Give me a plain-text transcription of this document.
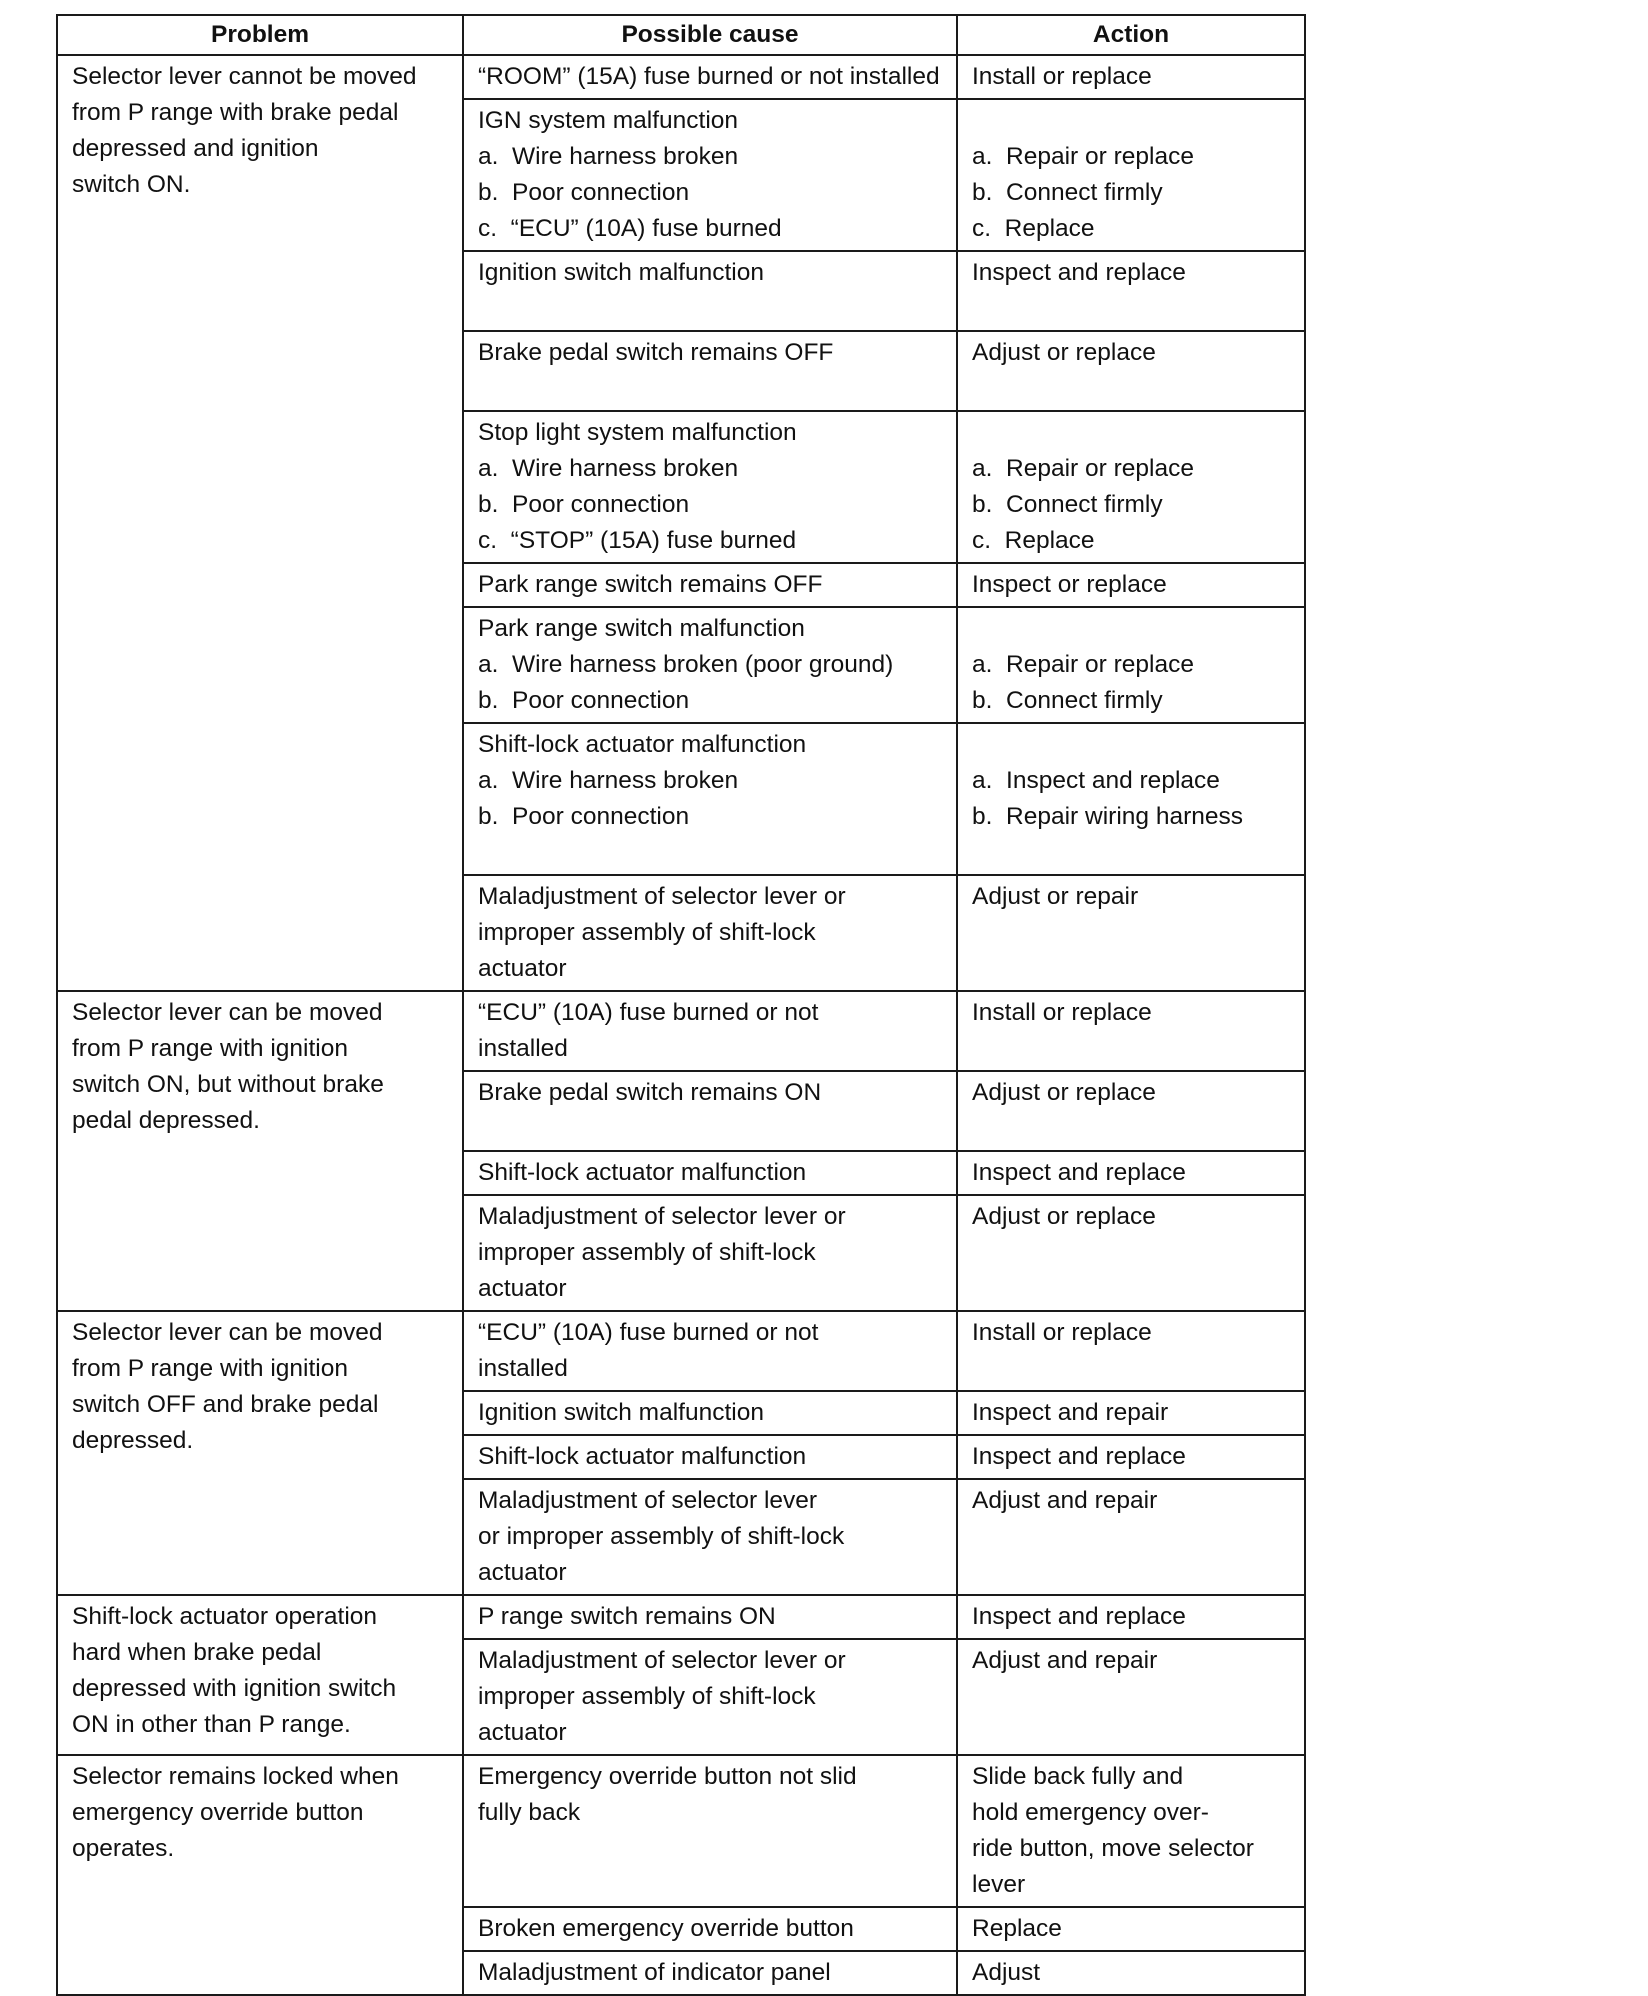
Problem	Possible cause	Action
Selector lever cannot be moved
from P range with brake pedal
depressed and ignition
switch ON.	“ROOM” (15A) fuse burned or not installed	Install or replace

	IGN system malfunction
a.  Wire harness broken
b.  Poor connection
c.  “ECU” (10A) fuse burned	a.  Repair or replace
b.  Connect firmly
c.  Replace

	Ignition switch malfunction	Inspect and replace

	Brake pedal switch remains OFF	Adjust or replace

	Stop light system malfunction
a.  Wire harness broken
b.  Poor connection
c.  “STOP” (15A) fuse burned	a.  Repair or replace
b.  Connect firmly
c.  Replace

	Park range switch remains OFF	Inspect or replace

	Park range switch malfunction
a.  Wire harness broken (poor ground)
b.  Poor connection	a.  Repair or replace
b.  Connect firmly

	Shift-lock actuator malfunction
a.  Wire harness broken
b.  Poor connection	a.  Inspect and replace
b.  Repair wiring harness

	Maladjustment of selector lever or
improper assembly of shift-lock
actuator	Adjust or repair

Selector lever can be moved
from P range with ignition
switch ON, but without brake
pedal depressed.	“ECU” (10A) fuse burned or not
installed	Install or replace

	Brake pedal switch remains ON	Adjust or replace

	Shift-lock actuator malfunction	Inspect and replace

	Maladjustment of selector lever or
improper assembly of shift-lock
actuator	Adjust or replace

Selector lever can be moved
from P range with ignition
switch OFF and brake pedal
depressed.	“ECU” (10A) fuse burned or not
installed	Install or replace

	Ignition switch malfunction	Inspect and repair

	Shift-lock actuator malfunction	Inspect and replace

	Maladjustment of selector lever
or improper assembly of shift-lock
actuator	Adjust and repair

Shift-lock actuator operation
hard when brake pedal
depressed with ignition switch
ON in other than P range.	P range switch remains ON	Inspect and replace

	Maladjustment of selector lever or
improper assembly of shift-lock
actuator	Adjust and repair

Selector remains locked when
emergency override button
operates.	Emergency override button not slid
fully back	Slide back fully and
hold emergency over-
ride button, move selector
lever

	Broken emergency override button	Replace

	Maladjustment of indicator panel	Adjust
